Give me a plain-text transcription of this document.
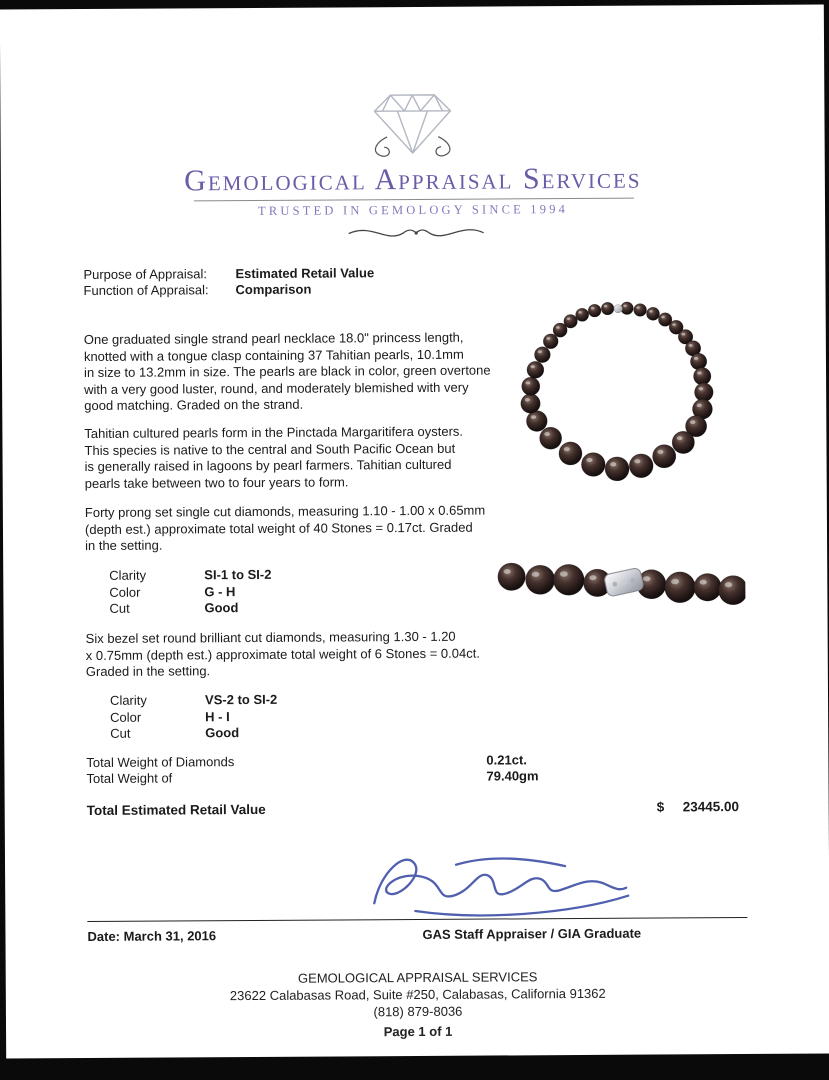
Gemological Appraisal Services
TRUSTED IN GEMOLOGY SINCE 1994
Purpose of Appraisal: Estimated Retail Value
Function of Appraisal: Comparison
One graduated single strand pearl necklace 18.0" princess length,
knotted with a tongue clasp containing 37 Tahitian pearls, 10.1mm
in size to 13.2mm in size. The pearls are black in color, green overtone
with a very good luster, round, and moderately blemished with very
good matching. Graded on the strand.
Tahitian cultured pearls form in the Pinctada Margaritifera oysters.
This species is native to the central and South Pacific Ocean but
is generally raised in lagoons by pearl farmers. Tahitian cultured
pearls take between two to four years to form.
Forty prong set single cut diamonds, measuring 1.10 - 1.00 x 0.65mm
(depth est.) approximate total weight of 40 Stones = 0.17ct. Graded
in the setting.
Clarity	SI-1 to SI-2
Color	G - H
Cut	Good
Six bezel set round brilliant cut diamonds, measuring 1.30 - 1.20
x 0.75mm (depth est.) approximate total weight of 6 Stones = 0.04ct.
Graded in the setting.
Clarity	VS-2 to SI-2
Color	H - I
Cut	Good
Total Weight of Diamonds	0.21ct.
Total Weight of	79.40gm
Total Estimated Retail Value	$ 23445.00
Date: March 31, 2016	GAS Staff Appraiser / GIA Graduate
GEMOLOGICAL APPRAISAL SERVICES
23622 Calabasas Road, Suite #250, Calabasas, California 91362
(818) 879-8036
Page 1 of 1
